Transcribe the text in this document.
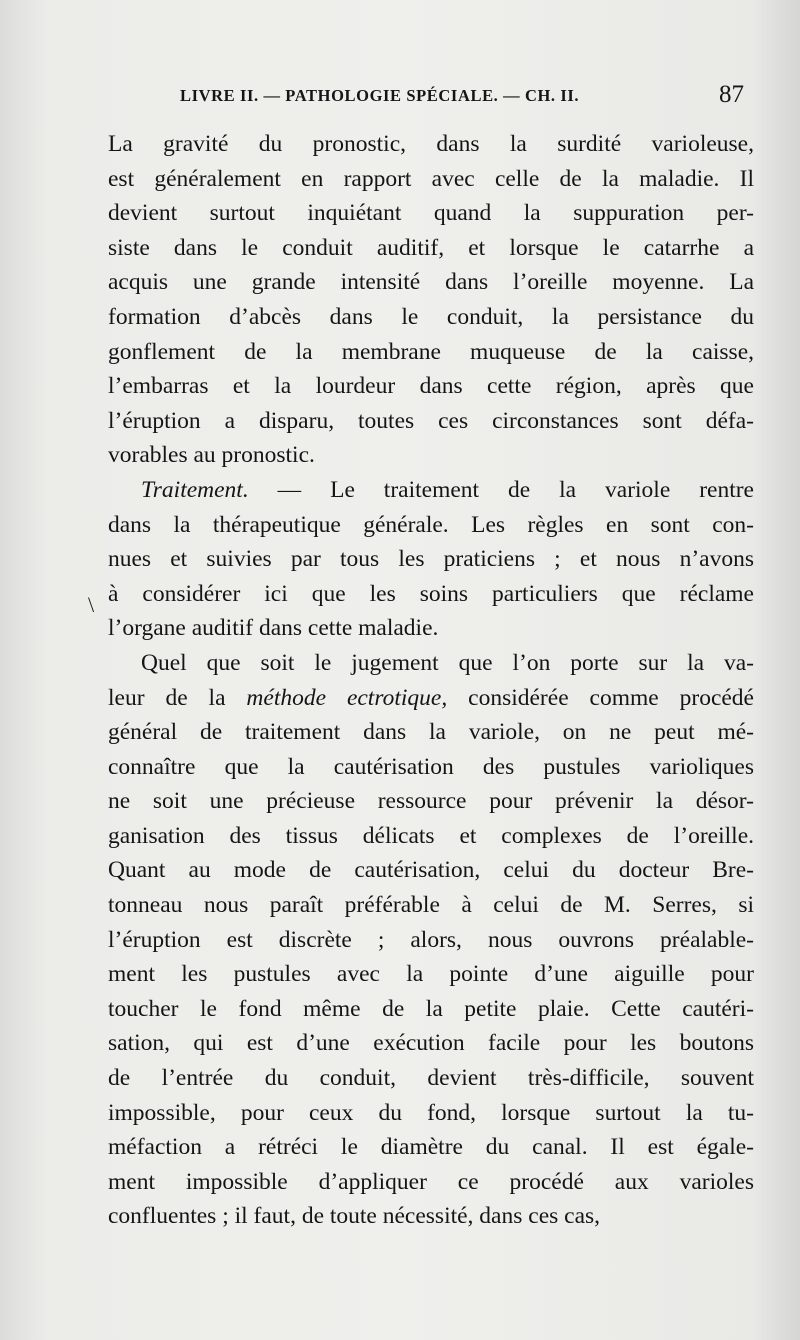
LIVRE II. — PATHOLOGIE SPÉCIALE. — CH. II.	87
\
La gravité du pronostic, dans la surdité varioleuse,
est généralement en rapport avec celle de la maladie. Il
devient surtout inquiétant quand la suppuration per-
siste dans le conduit auditif, et lorsque le catarrhe a
acquis une grande intensité dans l’oreille moyenne. La
formation d’abcès dans le conduit, la persistance du
gonflement de la membrane muqueuse de la caisse,
l’embarras et la lourdeur dans cette région, après que
l’éruption a disparu, toutes ces circonstances sont défa-
vorables au pronostic.
Traitement. — Le traitement de la variole rentre
dans la thérapeutique générale. Les règles en sont con-
nues et suivies par tous les praticiens ; et nous n’avons
à considérer ici que les soins particuliers que réclame
l’organe auditif dans cette maladie.
Quel que soit le jugement que l’on porte sur la va-
leur de la méthode ectrotique, considérée comme procédé
général de traitement dans la variole, on ne peut mé-
connaître que la cautérisation des pustules varioliques
ne soit une précieuse ressource pour prévenir la désor-
ganisation des tissus délicats et complexes de l’oreille.
Quant au mode de cautérisation, celui du docteur Bre-
tonneau nous paraît préférable à celui de M. Serres, si
l’éruption est discrète ; alors, nous ouvrons préalable-
ment les pustules avec la pointe d’une aiguille pour
toucher le fond même de la petite plaie. Cette cautéri-
sation, qui est d’une exécution facile pour les boutons
de l’entrée du conduit, devient très-difficile, souvent
impossible, pour ceux du fond, lorsque surtout la tu-
méfaction a rétréci le diamètre du canal. Il est égale-
ment impossible d’appliquer ce procédé aux varioles
confluentes ; il faut, de toute nécessité, dans ces cas,
